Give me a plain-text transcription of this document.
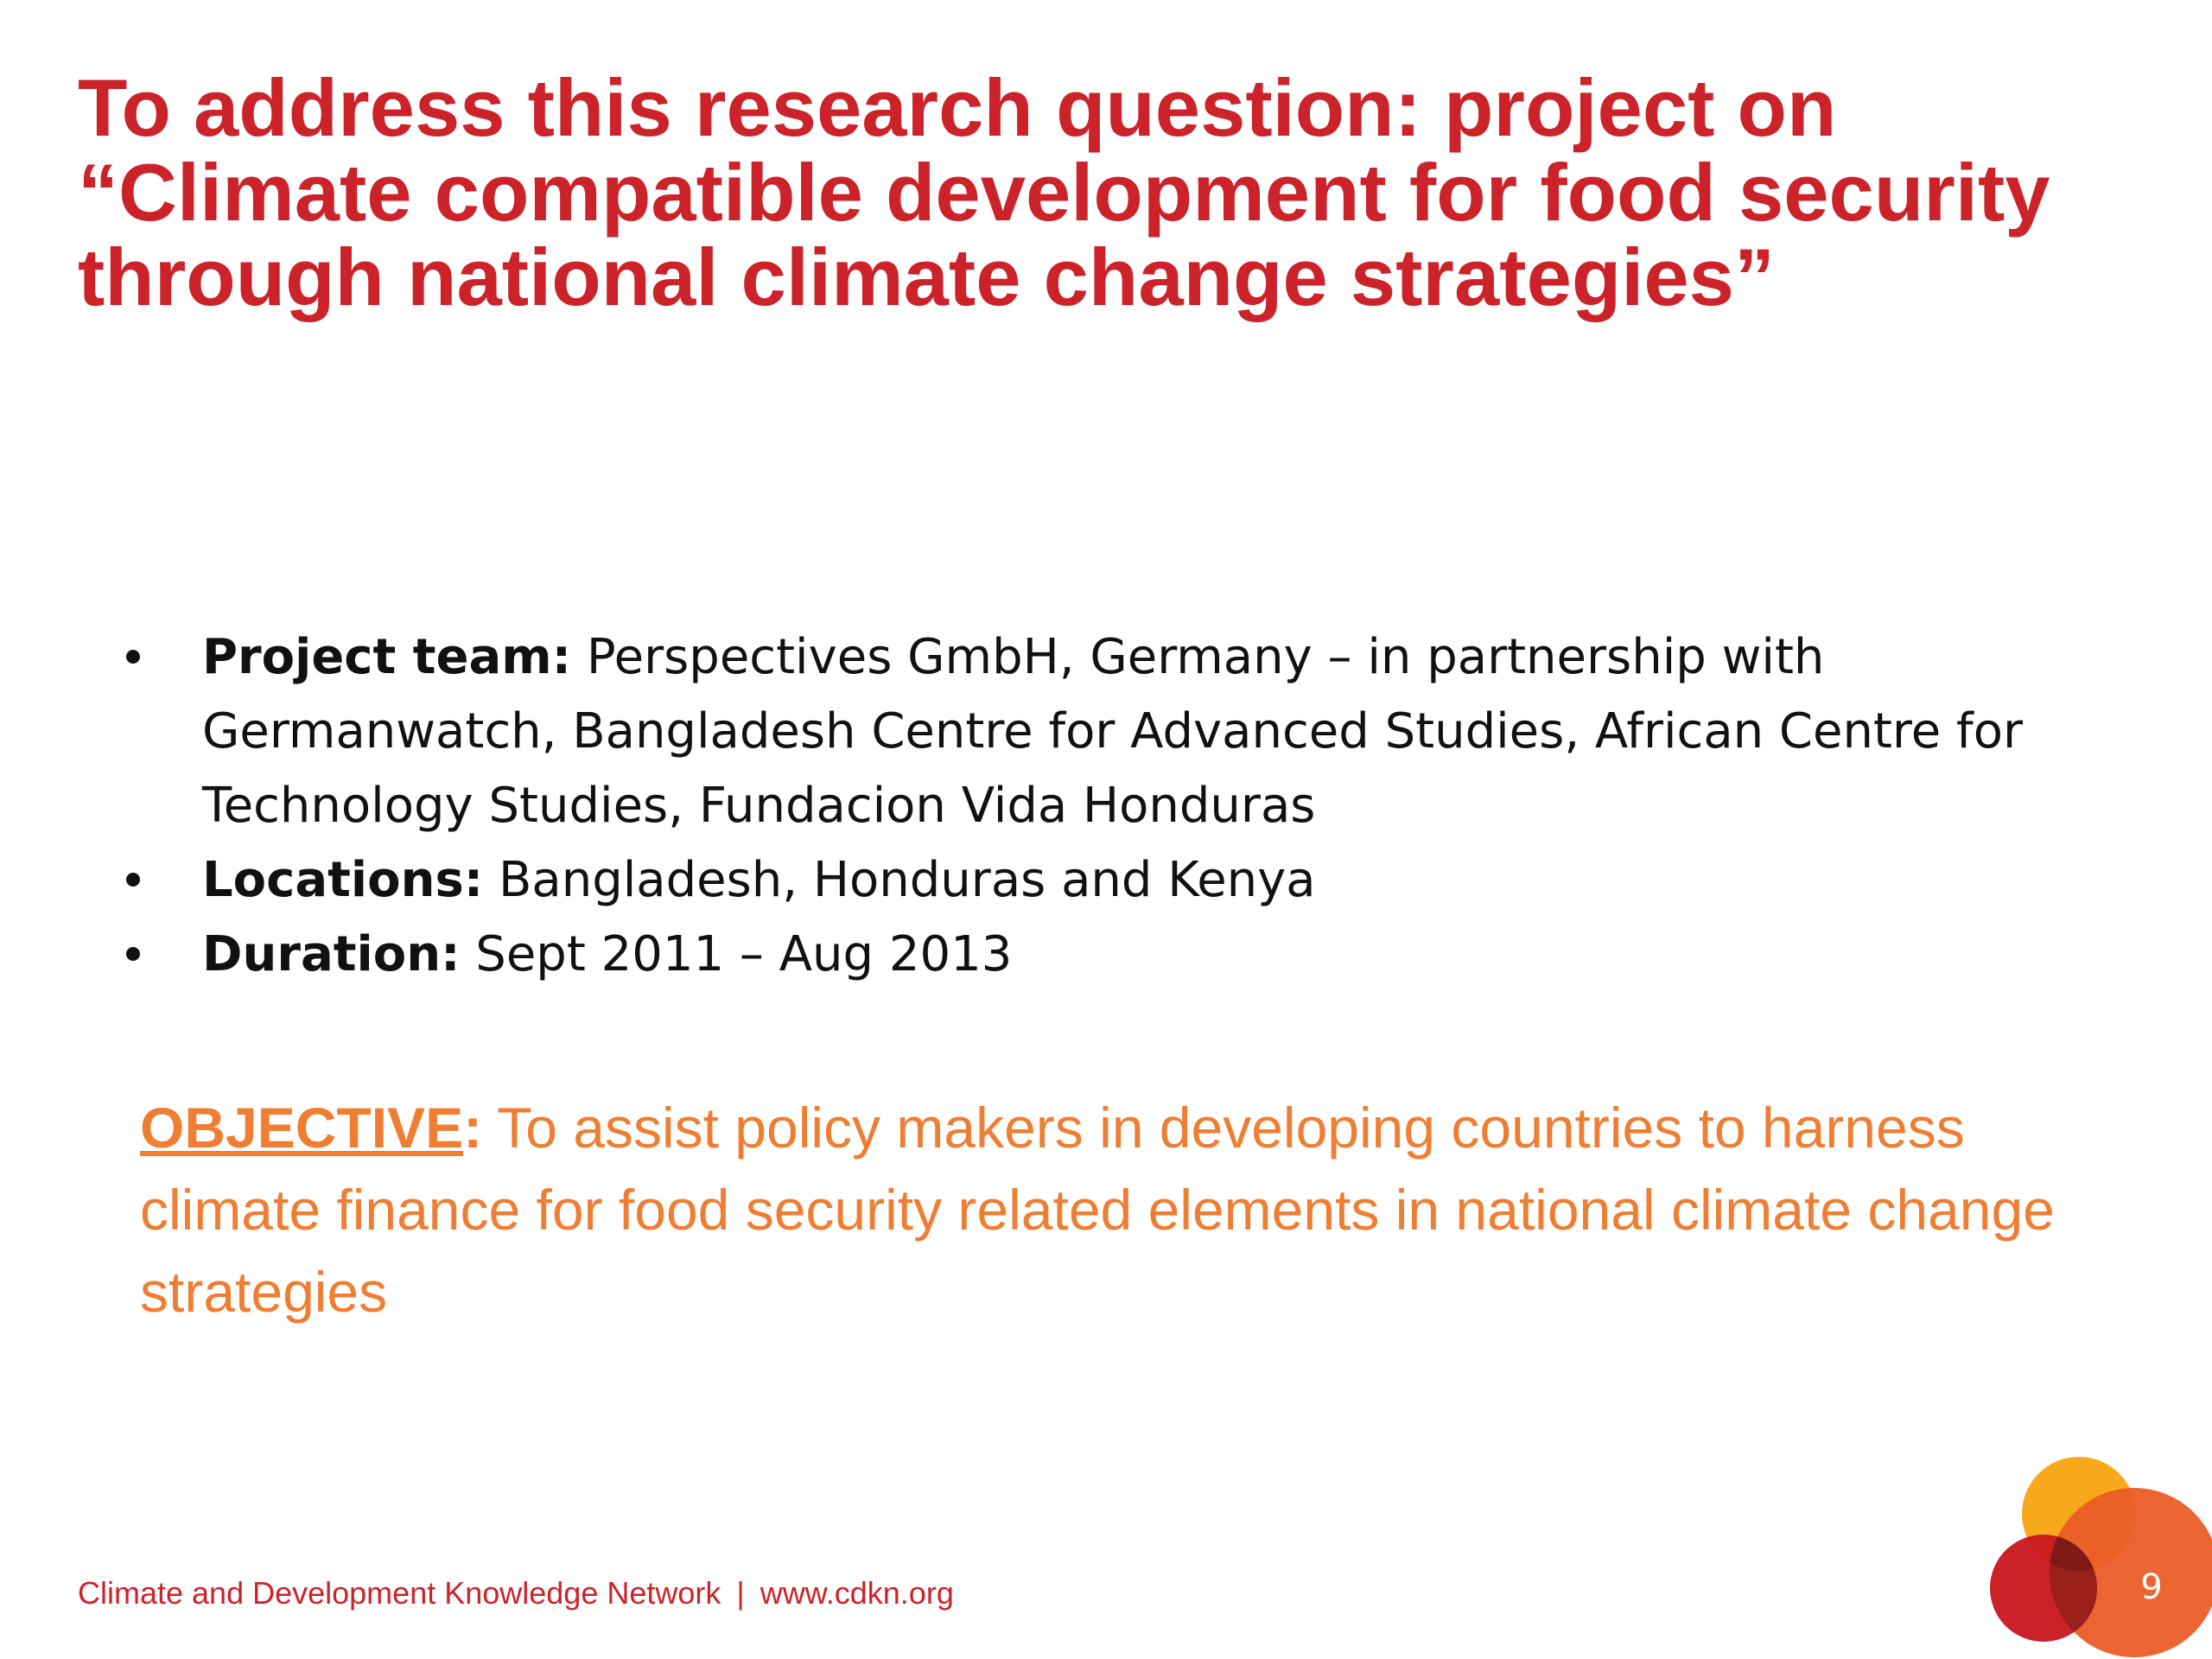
To address this research question: project on “Climate compatible development for food security through national climate change strategies”
Project team: Perspectives GmbH, Germany – in partnership with Germanwatch, Bangladesh Centre for Advanced Studies, African Centre for Technology Studies, Fundacion Vida Honduras
Locations: Bangladesh, Honduras and Kenya
Duration: Sept 2011 – Aug 2013

OBJECTIVE: To assist policy makers in developing countries to harness climate finance for food security related elements in national climate change strategies

Climate and Development Knowledge Network | www.cdkn.org	9
